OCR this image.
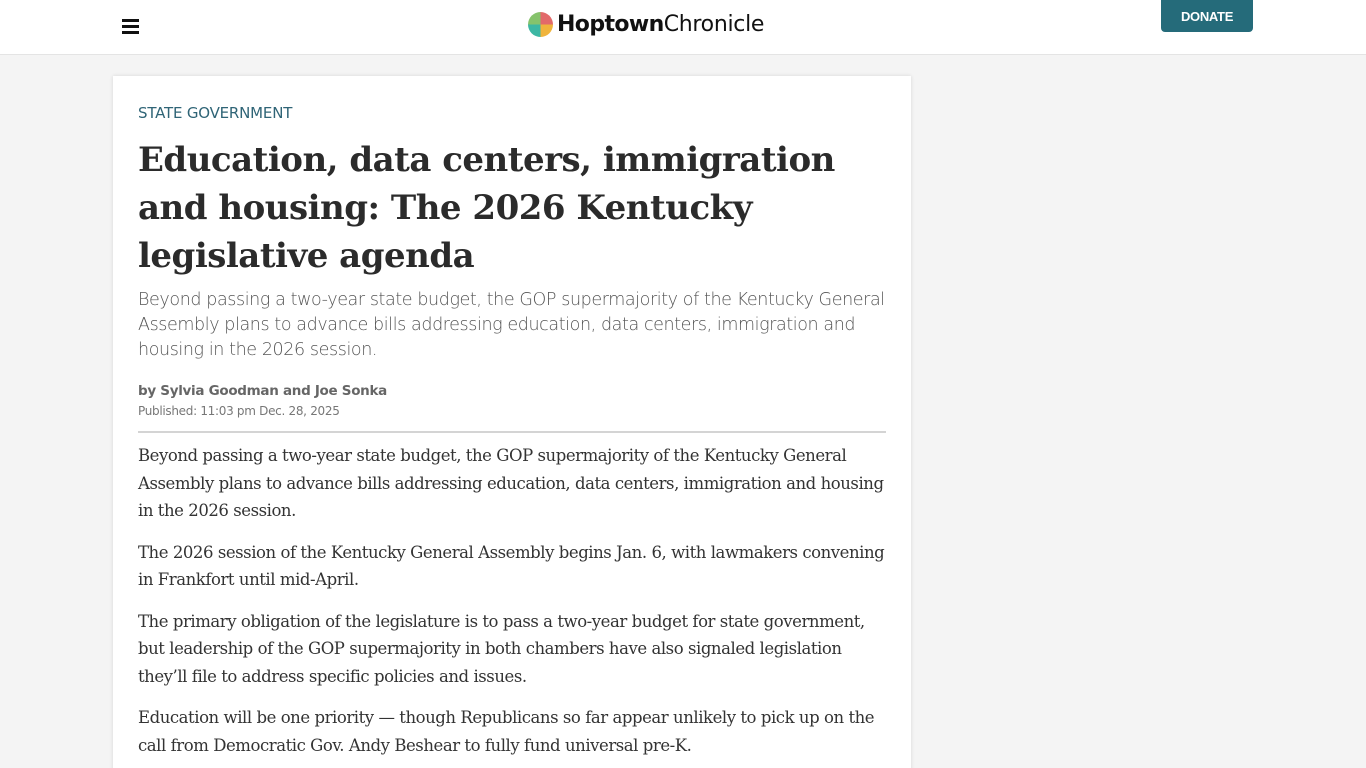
HoptownChronicle	DONATE
STATE GOVERNMENT
Education, data centers, immigration and housing: The 2026 Kentucky legislative agenda

Beyond passing a two-year state budget, the GOP supermajority of the Kentucky General Assembly plans to advance bills addressing education, data centers, immigration and housing in the 2026 session.

by Sylvia Goodman and Joe Sonka
Published: 11:03 pm Dec. 28, 2025

Beyond passing a two-year state budget, the GOP supermajority of the Kentucky General Assembly plans to advance bills addressing education, data centers, immigration and housing in the 2026 session.

The 2026 session of the Kentucky General Assembly begins Jan. 6, with lawmakers convening in Frankfort until mid-April.

The primary obligation of the legislature is to pass a two-year budget for state government, but leadership of the GOP supermajority in both chambers have also signaled legislation they’ll file to address specific policies and issues.

Education will be one priority — though Republicans so far appear unlikely to pick up on the call from Democratic Gov. Andy Beshear to fully fund universal pre-K.
